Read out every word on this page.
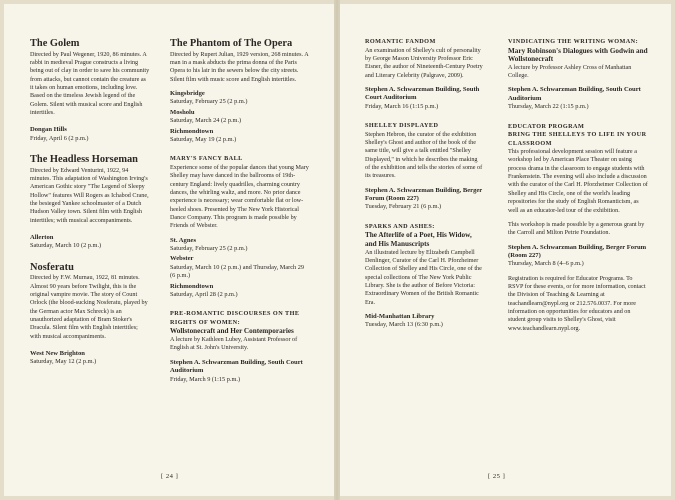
The Golem

Directed by Paul Wegener, 1920, 86 minutes. A rabbi in medieval Prague constructs a living being out of clay in order to save his community from attacks, but cannot contain the creature as it takes on human emotions, including love. Based on the timeless Jewish legend of the Golem. Silent with musical score and English intertitles.

Dongan Hills

Friday, April 6 (2 p.m.)

The Headless Horseman

Directed by Edward Venturini, 1922, 94 minutes. This adaptation of Washington Irving's American Gothic story "The Legend of Sleepy Hollow" features Will Rogers as Ichabod Crane, the besieged Yankee schoolmaster of a Dutch Hudson Valley town. Silent film with English intertitles; with musical accompaniments.

Allerton

Saturday, March 10 (2 p.m.)

Nosferatu

Directed by F.W. Murnau, 1922, 81 minutes. Almost 90 years before Twilight, this is the original vampire movie. The story of Count Orlock (the blood-sucking Nosferatu, played by the German actor Max Schreck) is an unauthorized adaptation of Bram Stoker's Dracula. Silent film with English intertitles; with musical accompaniments.

West New Brighton

Saturday, May 12 (2 p.m.)

The Phantom of The Opera

Directed by Rupert Julian, 1929 version, 268 minutes. A man in a mask abducts the prima donna of the Paris Opera to his lair in the sewers below the city streets. Silent film with music score and English intertitles.

Kingsbridge

Saturday, February 25 (2 p.m.)

Mosholu

Saturday, March 24 (2 p.m.)

Richmondtown

Saturday, May 19 (2 p.m.)

MARY'S FANCY BALL

Experience some of the popular dances that young Mary Shelley may have danced in the ballrooms of 19th-century England: lively quadrilles, charming country dances, the whirling waltz, and more. No prior dance experience is necessary; wear comfortable flat or low-heeled shoes. Presented by The New York Historical Dance Company. This program is made possible by Friends of Webster.

St. Agnes

Saturday, February 25 (2 p.m.)

Webster

Saturday, March 10 (2 p.m.) and Thursday, March 29 (6 p.m.)

Richmondtown

Saturday, April 28 (2 p.m.)

PRE-ROMANTIC DISCOURSES ON THE RIGHTS OF WOMEN:

Wollstonecraft and Her Contemporaries

A lecture by Kathleen Lubey, Assistant Professor of English at St. John's University.

Stephen A. Schwarzman Building, South Court Auditorium

Friday, March 9 (1:15 p.m.)

[ 24 ]

ROMANTIC FANDOM

An examination of Shelley's cult of personality by George Mason University Professor Eric Eisner, the author of Nineteenth-Century Poetry and Literary Celebrity (Palgrave, 2009).

Stephen A. Schwarzman Building, South Court Auditorium

Friday, March 16 (1:15 p.m.)

SHELLEY DISPLAYED

Stephen Hebron, the curator of the exhibition Shelley's Ghost and author of the book of the same title, will give a talk entitled "Shelley Displayed," in which he describes the making of the exhibition and tells the stories of some of its treasures.

Stephen A. Schwarzman Building, Berger Forum (Room 227)

Tuesday, February 21 (6 p.m.)

SPARKS AND ASHES:

The Afterlife of a Poet, His Widow, and His Manuscripts

An illustrated lecture by Elizabeth Campbell Denlinger, Curator of the Carl H. Pforzheimer Collection of Shelley and His Circle, one of the special collections of The New York Public Library. She is the author of Before Victoria: Extraordinary Women of the British Romantic Era.

Mid-Manhattan Library

Tuesday, March 13 (6:30 p.m.)

VINDICATING THE WRITING WOMAN:

Mary Robinson's Dialogues with Godwin and Wollstonecraft

A lecture by Professor Ashley Cross of Manhattan College.

Stephen A. Schwarzman Building, South Court Auditorium

Thursday, March 22 (1:15 p.m.)

EDUCATOR PROGRAM

BRING THE SHELLEYS TO LIFE IN YOUR CLASSROOM

This professional development session will feature a workshop led by American Place Theater on using process drama in the classroom to engage students with Frankenstein. The evening will also include a discussion with the curator of the Carl H. Pforzheimer Collection of Shelley and His Circle, one of the world's leading repositories for the study of English Romanticism, as well as an educator-led tour of the exhibition.

This workshop is made possible by a generous grant by the Carroll and Milton Petrie Foundation.

Stephen A. Schwarzman Building, Berger Forum (Room 227)

Thursday, March 8 (4–6 p.m.)

Registration is required for Educator Programs. To RSVP for these events, or for more information, contact the Division of Teaching & Learning at teachandlearn@nypl.org or 212.576.0037. For more information on opportunities for educators and on student group visits to Shelley's Ghost, visit www.teachandlearn.nypl.org.

[ 25 ]
